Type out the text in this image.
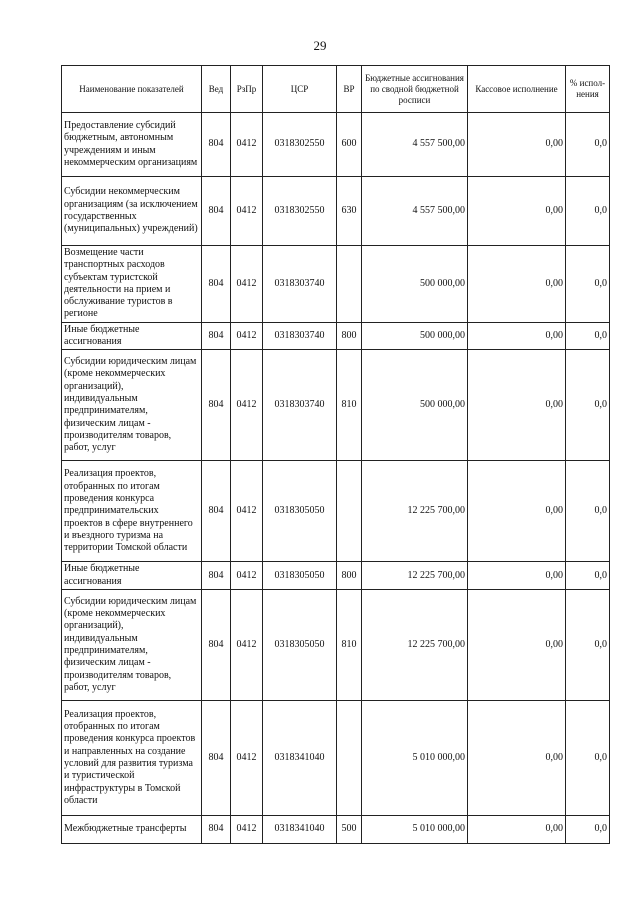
29
Наименование показателей	Вед	РзПр	ЦСР	ВР	Бюджетные ассигнования по сводной бюджетной росписи	Кассовое исполнение	% испол-нения
Предоставление субсидий бюджетным, автономным учреждениям и иным некоммерческим организациям	804	0412	0318302550	600	4 557 500,00	0,00	0,0
Субсидии некоммерческим организациям (за исключением государственных (муниципальных) учреждений)	804	0412	0318302550	630	4 557 500,00	0,00	0,0
Возмещение части транспортных расходов субъектам туристской деятельности на прием и обслуживание туристов в регионе	804	0412	0318303740		500 000,00	0,00	0,0
Иные бюджетные ассигнования	804	0412	0318303740	800	500 000,00	0,00	0,0
Субсидии юридическим лицам (кроме некоммерческих организаций), индивидуальным предпринимателям, физическим лицам - производителям товаров, работ, услуг	804	0412	0318303740	810	500 000,00	0,00	0,0
Реализация проектов, отобранных по итогам проведения конкурса предпринимательских проектов в сфере внутреннего и въездного туризма на территории Томской области	804	0412	0318305050		12 225 700,00	0,00	0,0
Иные бюджетные ассигнования	804	0412	0318305050	800	12 225 700,00	0,00	0,0
Субсидии юридическим лицам (кроме некоммерческих организаций), индивидуальным предпринимателям, физическим лицам - производителям товаров, работ, услуг	804	0412	0318305050	810	12 225 700,00	0,00	0,0
Реализация проектов, отобранных по итогам проведения конкурса проектов и направленных на создание условий для развития туризма и туристической инфраструктуры в Томской области	804	0412	0318341040		5 010 000,00	0,00	0,0
Межбюджетные трансферты	804	0412	0318341040	500	5 010 000,00	0,00	0,0
